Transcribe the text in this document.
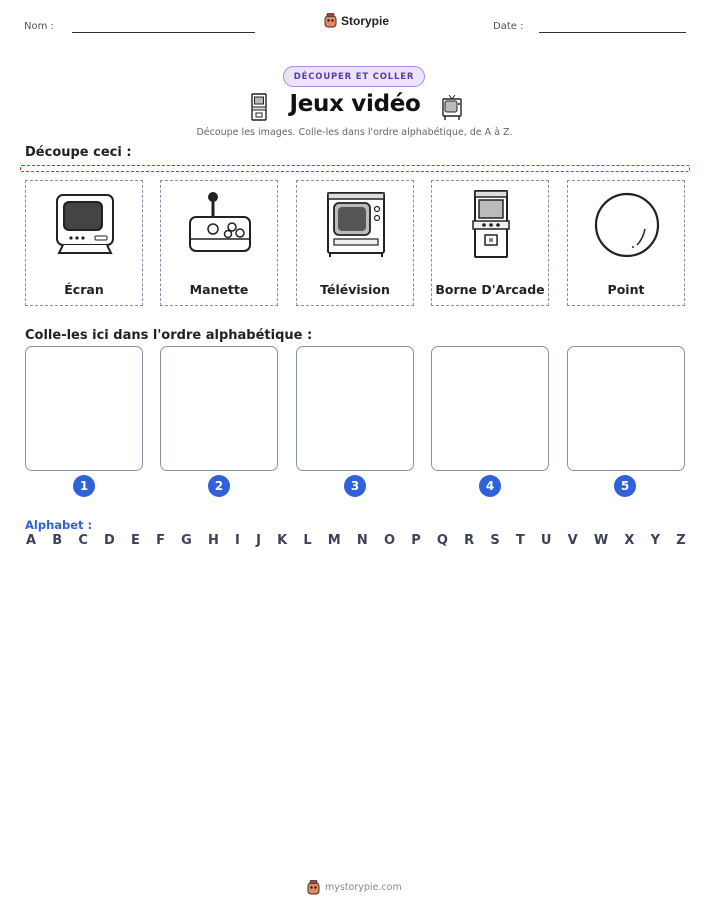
Nom :	Storypie	Date :
DÉCOUPER ET COLLER
Jeux vidéo
Découpe les images. Colle-les dans l'ordre alphabétique, de A à Z.
Découpe ceci :
Écran	Manette	Télévision	Borne D'Arcade	Point
Colle-les ici dans l'ordre alphabétique :
1	2	3	4	5
Alphabet :
A B C D E F G H I J K L M N O P Q R S T U V W X Y Z
mystorypie.com
